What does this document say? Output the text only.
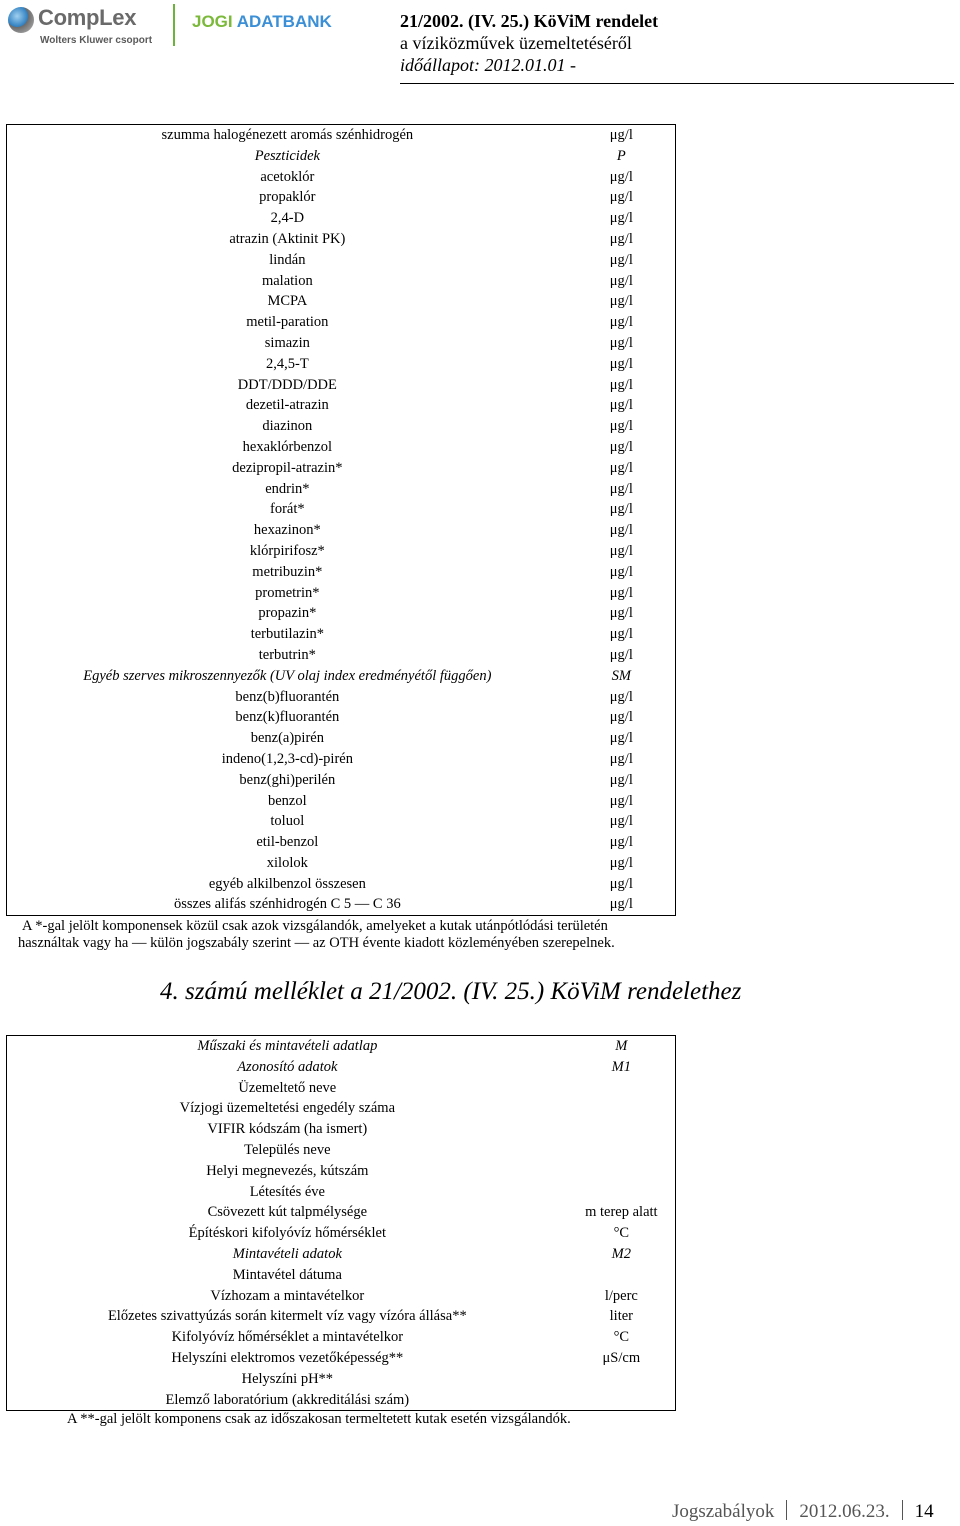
CompLex
Wolters Kluwer csoport
JOGI ADATBANK	21/2002. (IV. 25.) KöViM rendelet
a víziközművek üzemeltetéséről
időállapot: 2012.01.01 -
szumma halogénezett aromás szénhidrogén	μg/l
Peszticidek	P
acetoklór	μg/l
propaklór	μg/l
2,4-D	μg/l
atrazin (Aktinit PK)	μg/l
lindán	μg/l
malation	μg/l
MCPA	μg/l
metil-paration	μg/l
simazin	μg/l
2,4,5-T	μg/l
DDT/DDD/DDE	μg/l
dezetil-atrazin	μg/l
diazinon	μg/l
hexaklórbenzol	μg/l
dezipropil-atrazin*	μg/l
endrin*	μg/l
forát*	μg/l
hexazinon*	μg/l
klórpirifosz*	μg/l
metribuzin*	μg/l
prometrin*	μg/l
propazin*	μg/l
terbutilazin*	μg/l
terbutrin*	μg/l
Egyéb szerves mikroszennyezők (UV olaj index eredményétől függően)	SM
benz(b)fluorantén	μg/l
benz(k)fluorantén	μg/l
benz(a)pirén	μg/l
indeno(1,2,3-cd)-pirén	μg/l
benz(ghi)perilén	μg/l
benzol	μg/l
toluol	μg/l
etil-benzol	μg/l
xilolok	μg/l
egyéb alkilbenzol összesen	μg/l
összes alifás szénhidrogén C 5 — C 36	μg/l
A *-gal jelölt komponensek közül csak azok vizsgálandók, amelyeket a kutak utánpótlódási területén
használtak vagy ha — külön jogszabály szerint — az OTH évente kiadott közleményében szerepelnek.
4. számú melléklet a 21/2002. (IV. 25.) KöViM rendelethez
Műszaki és mintavételi adatlap	M
Azonosító adatok	M1
Üzemeltető neve	
Vízjogi üzemeltetési engedély száma	
VIFIR kódszám (ha ismert)	
Település neve	
Helyi megnevezés, kútszám	
Létesítés éve	
Csövezett kút talpmélysége	m terep alatt
Építéskori kifolyóvíz hőmérséklet	°C
Mintavételi adatok	M2
Mintavétel dátuma	
Vízhozam a mintavételkor	l/perc
Előzetes szivattyúzás során kitermelt víz vagy vízóra állása**	liter
Kifolyóvíz hőmérséklet a mintavételkor	°C
Helyszíni elektromos vezetőképesség**	μS/cm
Helyszíni pH**	
Elemző laboratórium (akkreditálási szám)	
A **-gal jelölt komponens csak az időszakosan termeltetett kutak esetén vizsgálandók.
Jogszabályok 2012.06.23. 14
